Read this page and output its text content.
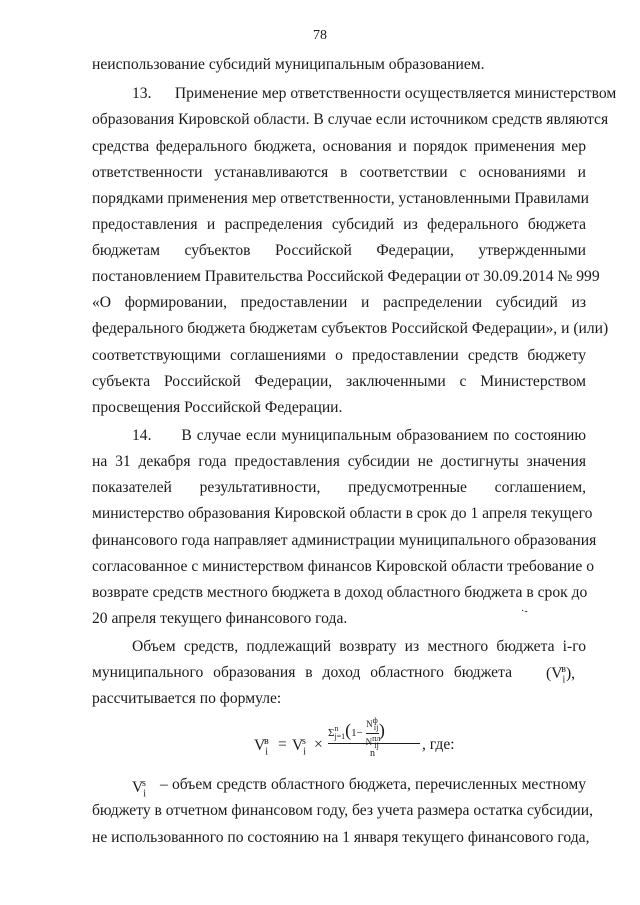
78
неиспользование субсидий муниципальным образованием.
13.      Применение мер ответственности осуществляется министерством
образования Кировской области. В случае если источником средств являются
средства федерального бюджета, основания и порядок применения мер
ответственности устанавливаются в соответствии с основаниями и
порядками применения мер ответственности, установленными Правилами
предоставления и распределения субсидий из федерального бюджета
бюджетам субъектов Российской Федерации, утвержденными
постановлением Правительства Российской Федерации от 30.09.2014 № 999
«О формировании, предоставлении и распределении субсидий из
федерального бюджета бюджетам субъектов Российской Федерации», и (или)
соответствующими соглашениями о предоставлении средств бюджету
субъекта Российской Федерации, заключенными с Министерством
просвещения Российской Федерации.
14.      В случае если муниципальным образованием по состоянию
на 31 декабря года предоставления субсидии не достигнуты значения
показателей результативности, предусмотренные соглашением,
министерство образования Кировской области в срок до 1 апреля текущего
финансового года направляет администрации муниципального образования
согласованное с министерством финансов Кировской области требование о
возврате средств местного бюджета в доход областного бюджета в срок до
20 апреля текущего финансового года.	·-
Объем средств, подлежащий возврату из местного бюджета i-го
муниципального образования в доход областного бюджета $(V_i^в)$,
рассчитывается по формуле:
$V_i^в = V_i^s$ ×
$\Sigma^n_{j=1}(1-$
$N^ф_{ij}$
$N^{пл}_{ij}$
)
n
, где:
$V_i^s$ – объем средств областного бюджета, перечисленных местному
бюджету в отчетном финансовом году, без учета размера остатка субсидии,
не использованного по состоянию на 1 января текущего финансового года,
